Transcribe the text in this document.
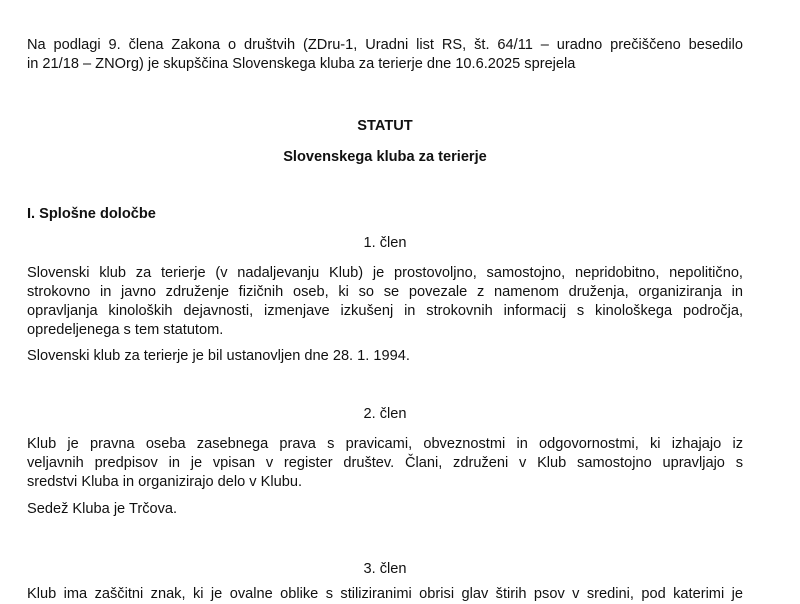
Na podlagi 9. člena Zakona o društvih (ZDru-1, Uradni list RS, št. 64/11 – uradno prečiščeno besedilo
in 21/18 – ZNOrg) je skupščina Slovenskega kluba za terierje dne 10.6.2025 sprejela
STATUT
Slovenskega kluba za terierje
I. Splošne določbe
1. člen
Slovenski klub za terierje (v nadaljevanju Klub) je prostovoljno, samostojno, nepridobitno, nepolitično,
strokovno in javno združenje fizičnih oseb, ki so se povezale z namenom druženja, organiziranja in
opravljanja kinoloških dejavnosti, izmenjave izkušenj in strokovnih informacij s kinološkega področja,
opredeljenega s tem statutom.
Slovenski klub za terierje je bil ustanovljen dne 28. 1. 1994.
2. člen
Klub je pravna oseba zasebnega prava s pravicami, obveznostmi in odgovornostmi, ki izhajajo iz
veljavnih predpisov in je vpisan v register društev. Člani, združeni v Klub samostojno upravljajo s
sredstvi Kluba in organizirajo delo v Klubu.
Sedež Kluba je Trčova.
3. člen
Klub ima zaščitni znak, ki je ovalne oblike s stiliziranimi obrisi glav štirih psov v sredini, pod katerimi je
